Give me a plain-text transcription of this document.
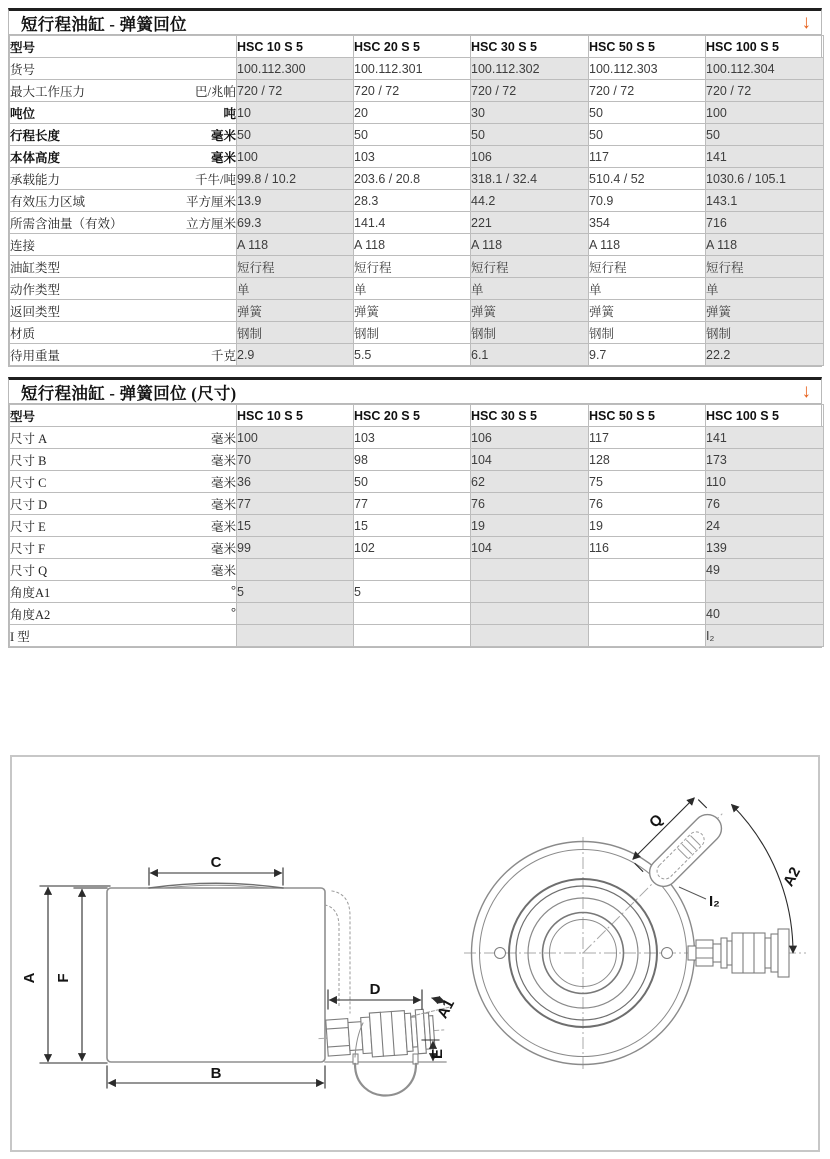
短行程油缸 - 弹簧回位	↓
型号	HSC 10 S 5	HSC 20 S 5	HSC 30 S 5	HSC 50 S 5	HSC 100 S 5
货号	100.112.300	100.112.301	100.112.302	100.112.303	100.112.304
最大工作压力 巴/兆帕	720 / 72	720 / 72	720 / 72	720 / 72	720 / 72
吨位 吨	10	20	30	50	100
行程长度 毫米	50	50	50	50	50
本体高度 毫米	100	103	106	117	141
承载能力 千牛/吨	99.8 / 10.2	203.6 / 20.8	318.1 / 32.4	510.4 / 52	1030.6 / 105.1
有效压力区域 平方厘米	13.9	28.3	44.2	70.9	143.1
所需含油量（有效） 立方厘米	69.3	141.4	221	354	716
连接	A 118	A 118	A 118	A 118	A 118
油缸类型	短行程	短行程	短行程	短行程	短行程
动作类型	单	单	单	单	单
返回类型	弹簧	弹簧	弹簧	弹簧	弹簧
材质	钢制	钢制	钢制	钢制	钢制
待用重量 千克	2.9	5.5	6.1	9.7	22.2
短行程油缸 - 弹簧回位 (尺寸)	↓
型号	HSC 10 S 5	HSC 20 S 5	HSC 30 S 5	HSC 50 S 5	HSC 100 S 5
尺寸 A 毫米	100	103	106	117	141
尺寸 B 毫米	70	98	104	128	173
尺寸 C 毫米	36	50	62	75	110
尺寸 D 毫米	77	77	76	76	76
尺寸 E 毫米	15	15	19	19	24
尺寸 F 毫米	99	102	104	116	139
尺寸 Q 毫米					49
角度A1 °	5	5			
角度A2 °					40
I 型					I₂
A F
C
B
D
A1
E
Q
A2
I₂
